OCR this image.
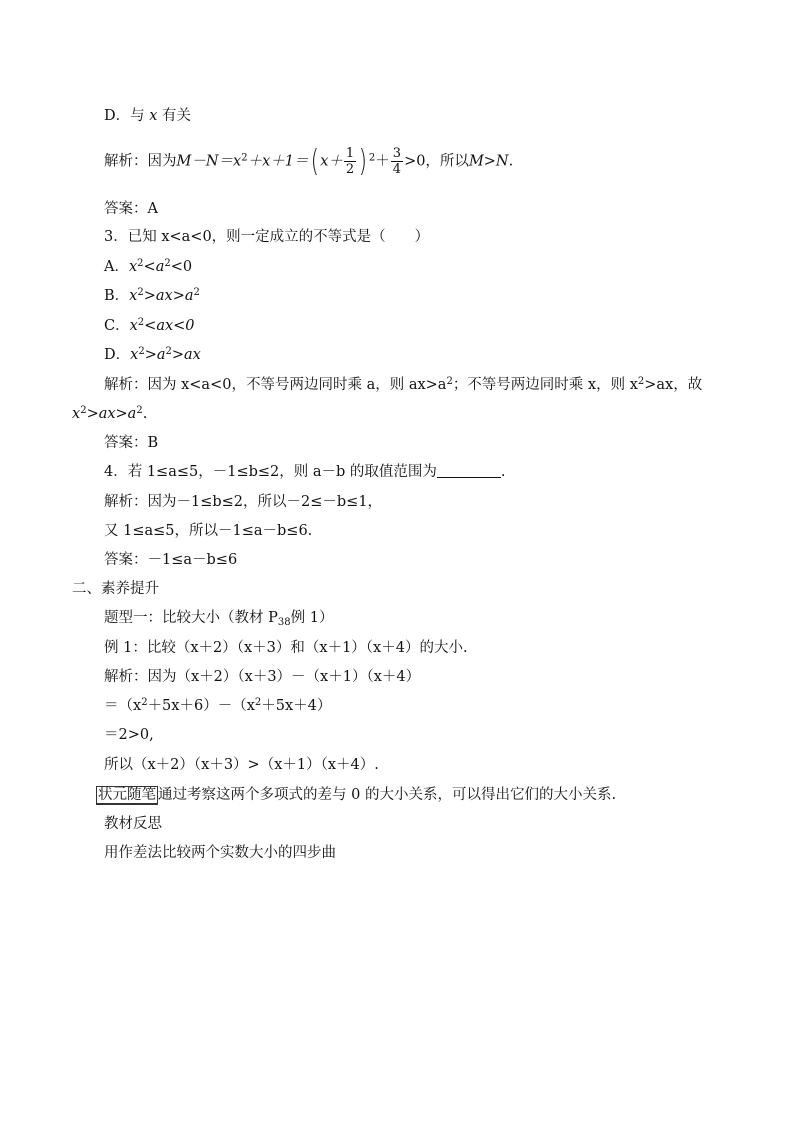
D．与 x 有关
解析：因为$M-N=x^2+x+1=$( $x+ \frac{1}{2}$ ) $^2+ \frac{3}{4} >0$，所以M>N.
答案：A
3．已知 x<a<0，则一定成立的不等式是（　　）
A．$x^2<a^2<0$
B．$x^2>ax>a^2$
C．$x^2<ax<0$
D．$x^2>a^2>ax$
解析：因为 x<a<0，不等号两边同时乘 a，则 $ax>a^2$；不等号两边同时乘 x，则 $x^2>ax$，故
$x^2>ax>a^2$.
答案：B
4．若 1≤a≤5，－1≤b≤2，则 a－b 的取值范围为	.
解析：因为－1≤b≤2，所以－2≤－b≤1，
又 1≤a≤5，所以－1≤a－b≤6.
答案：－1≤a－b≤6
二、素养提升
题型一：比较大小（教材 $P_{38}$例 1）
例 1：比较（x＋2）（x＋3）和（x＋1）（x＋4）的大小.
解析：因为（x＋2）（x＋3）－（x＋1）（x＋4）
$=(x^2+5x+6)-(x^2+5x+4)$
＝2>0,
所以（x＋2）（x＋3）>（x＋1）（x＋4）.
状元随笔 通过考察这两个多项式的差与 0 的大小关系，可以得出它们的大小关系.
教材反思
用作差法比较两个实数大小的四步曲
